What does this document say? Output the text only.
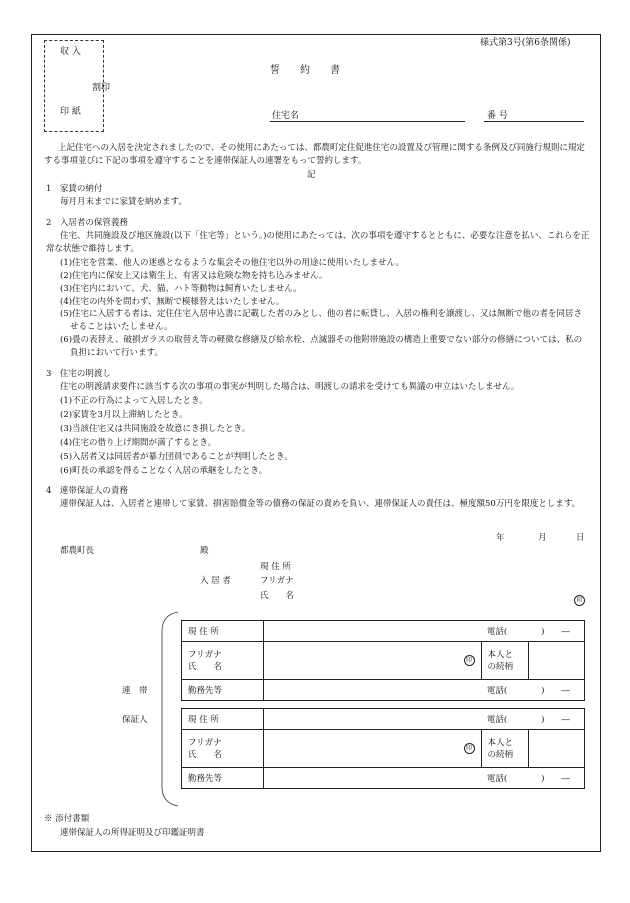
様式第3号(第6条関係)
収 入
割印
印 紙
誓　　約　　書
住宅名	番 号
上記住宅への入居を決定されましたので、その使用にあたっては、都農町定住促進住宅の設置及び管理に関する条例及び同施行規則に規定する事項並びに下記の事項を遵守することを連帯保証人の連署をもって誓約します。
記
1　家賃の納付
毎月月末までに家賃を納めます。
2　入居者の保管義務
住宅、共同施設及び地区施設(以下「住宅等」という。)の使用にあたっては、次の事項を遵守するとともに、必要な注意を払い、これらを正常な状態で維持します。
(1)住宅を営業、他人の迷惑となるような集会その他住宅以外の用途に使用いたしません。
(2)住宅内に保安上又は衛生上、有害又は危険な物を持ち込みません。
(3)住宅内において、犬、猫、ハト等動物は飼育いたしません。
(4)住宅の内外を問わず、無断で模様替えはいたしません。
(5)住宅に入居する者は、定住住宅入居申込書に記載した者のみとし、他の者に転貸し、入居の権利を譲渡し、又は無断で他の者を同居させることはいたしません。
(6)畳の表替え、破損ガラスの取替え等の軽微な修繕及び給水栓、点滅器その他附帯施設の構造上重要でない部分の修繕については、私の負担において行います。
3　住宅の明渡し
住宅の明渡請求要件に該当する次の事項の事実が判明した場合は、明渡しの請求を受けても異議の申立はいたしません。
(1)不正の行為によって入居したとき。
(2)家賃を3月以上滞納したとき。
(3)当該住宅又は共同施設を故意にき損したとき。
(4)住宅の借り上げ期間が満了するとき。
(5)入居者又は同居者が暴力団員であることが判明したとき。
(6)町長の承認を得ることなく入居の承継をしたとき。
4　連帯保証人の責務
連帯保証人は、入居者と連帯して家賃、損害賠償金等の債務の保証の責めを負い、連帯保証人の責任は、極度額50万円を限度とします。
年	月	日
都農町長	殿
現 住 所
入 居 者	フリガナ
氏　　名	印
連　帯
保証人
現 住 所	電話(　　　　)　　―		
フリガナ
氏　　名	印	本人と
の続柄	
勤務先等	電話(　　　　)　　―		
現 住 所	電話(　　　　)　　―		
フリガナ
氏　　名	印	本人と
の続柄	
勤務先等	電話(　　　　)　　―		
※ 添付書類
連帯保証人の所得証明及び印鑑証明書
